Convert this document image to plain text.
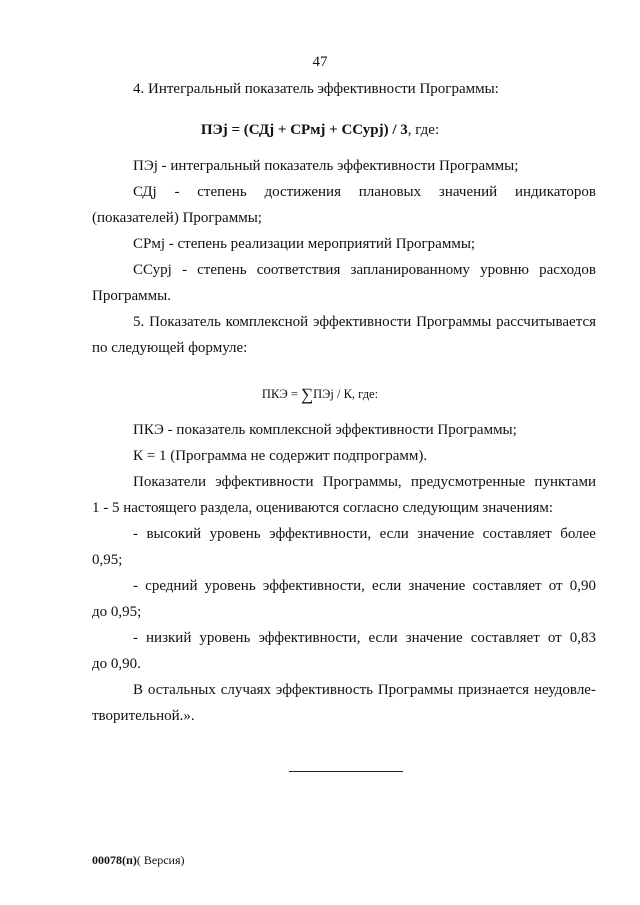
47
4. Интегральный показатель эффективности Программы:
ПЭj = (СДj + СРмj + ССурj) / 3, где:
ПЭj - интегральный показатель эффективности Программы;
СДj - степень достижения плановых значений индикаторов
(показателей) Программы;
СРмj - степень реализации мероприятий Программы;
ССурj - степень соответствия запланированному уровню расходов
Программы.
5. Показатель комплексной эффективности Программы рассчитывается
по следующей формуле:
ПКЭ = ∑ПЭj / К, где:
ПКЭ - показатель комплексной эффективности Программы;
К = 1 (Программа не содержит подпрограмм).
Показатели эффективности Программы, предусмотренные пунктами
1 - 5 настоящего раздела, оцениваются согласно следующим значениям:
- высокий уровень эффективности, если значение составляет более
0,95;
- средний уровень эффективности, если значение составляет от 0,90
до 0,95;
- низкий уровень эффективности, если значение составляет от 0,83
до 0,90.
В остальных случаях эффективность Программы признается неудовле-
творительной.».
00078(п)( Версия)
